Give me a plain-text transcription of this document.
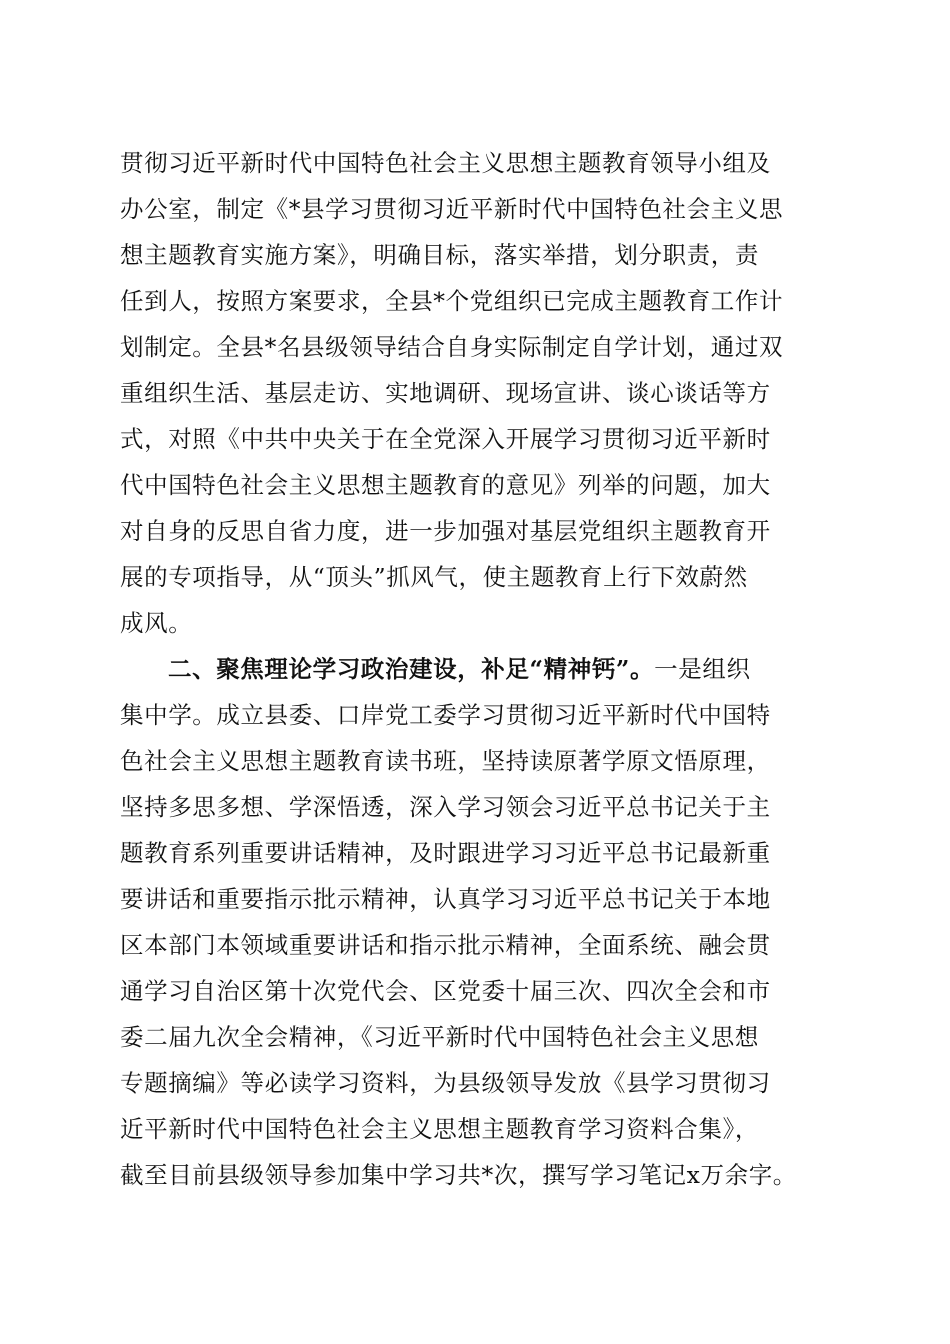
贯彻习近平新时代中国特色社会主义思想主题教育领导小组及
办公室，制定《*县学习贯彻习近平新时代中国特色社会主义思
想主题教育实施方案》，明确目标，落实举措，划分职责，责
任到人，按照方案要求，全县*个党组织已完成主题教育工作计
划制定。全县*名县级领导结合自身实际制定自学计划，通过双
重组织生活、基层走访、实地调研、现场宣讲、谈心谈话等方
式，对照《中共中央关于在全党深入开展学习贯彻习近平新时
代中国特色社会主义思想主题教育的意见》列举的问题，加大
对自身的反思自省力度，进一步加强对基层党组织主题教育开
展的专项指导，从“顶头”抓风气，使主题教育上行下效蔚然
成风。
二、聚焦理论学习政治建设，补足“精神钙”。一是组织
集中学。成立县委、口岸党工委学习贯彻习近平新时代中国特
色社会主义思想主题教育读书班，坚持读原著学原文悟原理，
坚持多思多想、学深悟透，深入学习领会习近平总书记关于主
题教育系列重要讲话精神，及时跟进学习习近平总书记最新重
要讲话和重要指示批示精神，认真学习习近平总书记关于本地
区本部门本领域重要讲话和指示批示精神，全面系统、融会贯
通学习自治区第十次党代会、区党委十届三次、四次全会和市
委二届九次全会精神，《习近平新时代中国特色社会主义思想
专题摘编》等必读学习资料，为县级领导发放《县学习贯彻习
近平新时代中国特色社会主义思想主题教育学习资料合集》，
截至目前县级领导参加集中学习共*次，撰写学习笔记x万余字。
